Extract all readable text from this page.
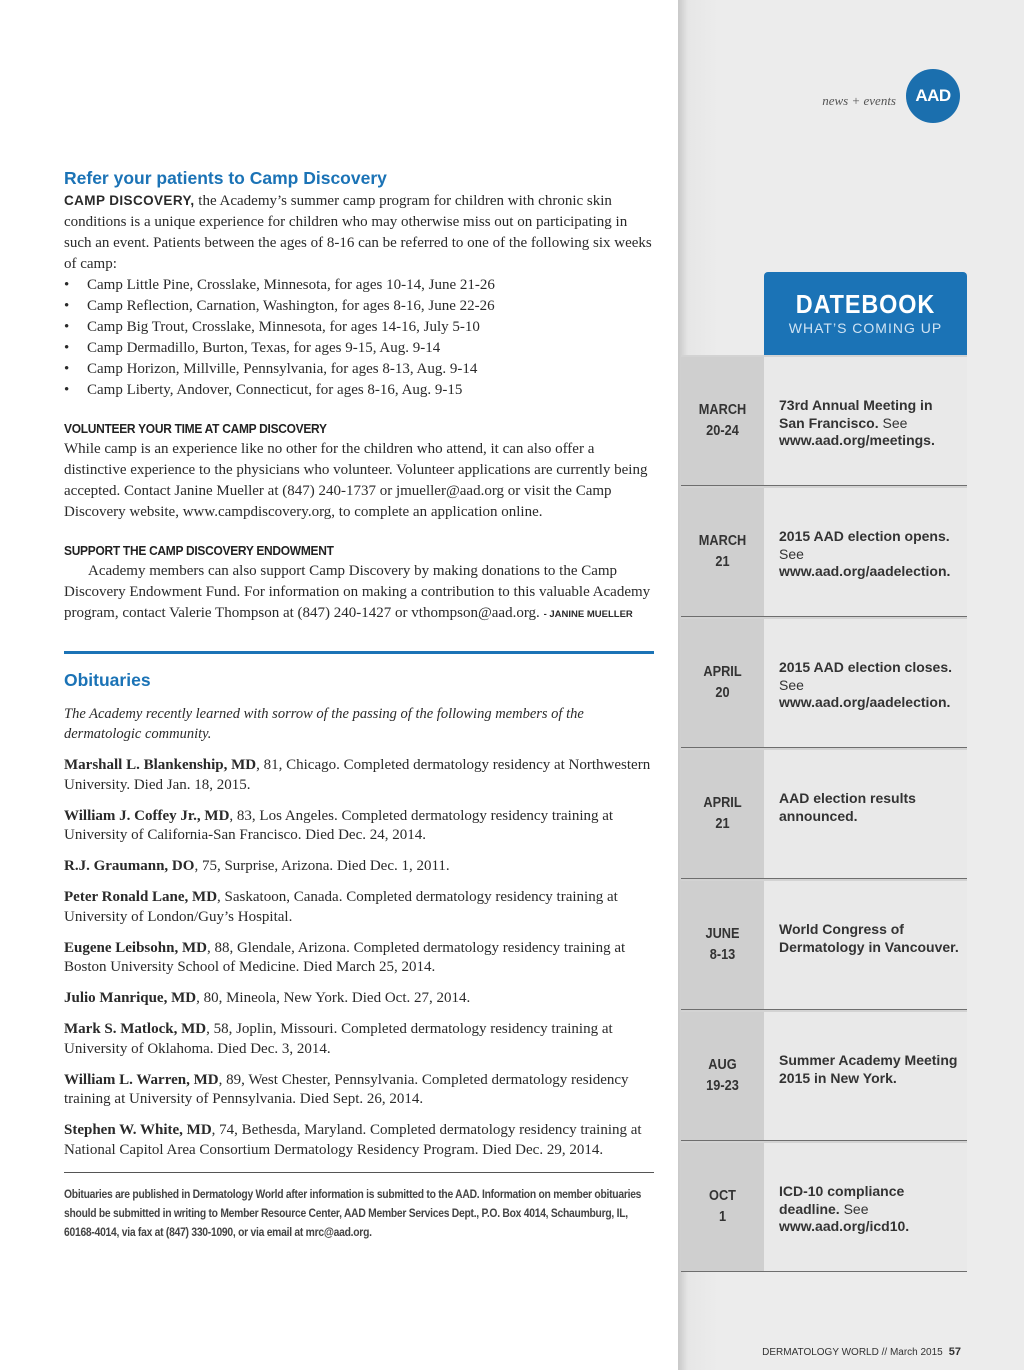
news + events	AAD
Refer your patients to Camp Discovery

CAMP DISCOVERY, the Academy’s summer camp program for children with chronic skin conditions is a unique experience for children who may otherwise miss out on participating in such an event. Patients between the ages of 8-16 can be referred to one of the following six weeks of camp:

• Camp Little Pine, Crosslake, Minnesota, for ages 10-14, June 21-26
• Camp Reflection, Carnation, Washington, for ages 8-16, June 22-26
• Camp Big Trout, Crosslake, Minnesota, for ages 14-16, July 5-10
• Camp Dermadillo, Burton, Texas, for ages 9-15, Aug. 9-14
• Camp Horizon, Millville, Pennsylvania, for ages 8-13, Aug. 9-14
• Camp Liberty, Andover, Connecticut, for ages 8-16, Aug. 9-15
VOLUNTEER YOUR TIME AT CAMP DISCOVERY

While camp is an experience like no other for the children who attend, it can also offer a distinctive experience to the physicians who volunteer. Volunteer applications are currently being accepted. Contact Janine Mueller at (847) 240-1737 or jmueller@aad.org or visit the Camp Discovery website, www.campdiscovery.org, to complete an application online.

SUPPORT THE CAMP DISCOVERY ENDOWMENT

Academy members can also support Camp Discovery by making donations to the Camp Discovery Endowment Fund. For information on making a contribution to this valuable Academy program, contact Valerie Thompson at (847) 240-1427 or vthompson@aad.org. - JANINE MUELLER

Obituaries

The Academy recently learned with sorrow of the passing of the following members of the dermatologic community.

Marshall L. Blankenship, MD, 81, Chicago. Completed dermatology residency at Northwestern University. Died Jan. 18, 2015.

William J. Coffey Jr., MD, 83, Los Angeles. Completed dermatology residency training at University of California-San Francisco. Died Dec. 24, 2014.

R.J. Graumann, DO, 75, Surprise, Arizona. Died Dec. 1, 2011.

Peter Ronald Lane, MD, Saskatoon, Canada. Completed dermatology residency training at University of London/Guy’s Hospital.

Eugene Leibsohn, MD, 88, Glendale, Arizona. Completed dermatology residency training at Boston University School of Medicine. Died March 25, 2014.

Julio Manrique, MD, 80, Mineola, New York. Died Oct. 27, 2014.

Mark S. Matlock, MD, 58, Joplin, Missouri. Completed dermatology residency training at University of Oklahoma. Died Dec. 3, 2014.

William L. Warren, MD, 89, West Chester, Pennsylvania. Completed dermatology residency training at University of Pennsylvania. Died Sept. 26, 2014.

Stephen W. White, MD, 74, Bethesda, Maryland. Completed dermatology residency training at National Capitol Area Consortium Dermatology Residency Program. Died Dec. 29, 2014.

Obituaries are published in Dermatology World after information is submitted to the AAD. Information on member obituaries should be submitted in writing to Member Resource Center, AAD Member Services Dept., P.O. Box 4014, Schaumburg, IL, 60168-4014, via fax at (847) 330-1090, or via email at mrc@aad.org.
DATEBOOK
WHAT’S COMING UP
MARCH
20-24
73rd Annual Meeting in San Francisco. See www.aad.org/meetings.
MARCH
21
2015 AAD election opens. See www.aad.org/aadelection.
APRIL
20
2015 AAD election closes. See www.aad.org/aadelection.
APRIL
21
AAD election results announced.
JUNE
8-13
World Congress of Dermatology in Vancouver.
AUG
19-23
Summer Academy Meeting 2015 in New York.
OCT
1
ICD-10 compliance deadline. See www.aad.org/icd10.
DERMATOLOGY WORLD // March 2015 57
